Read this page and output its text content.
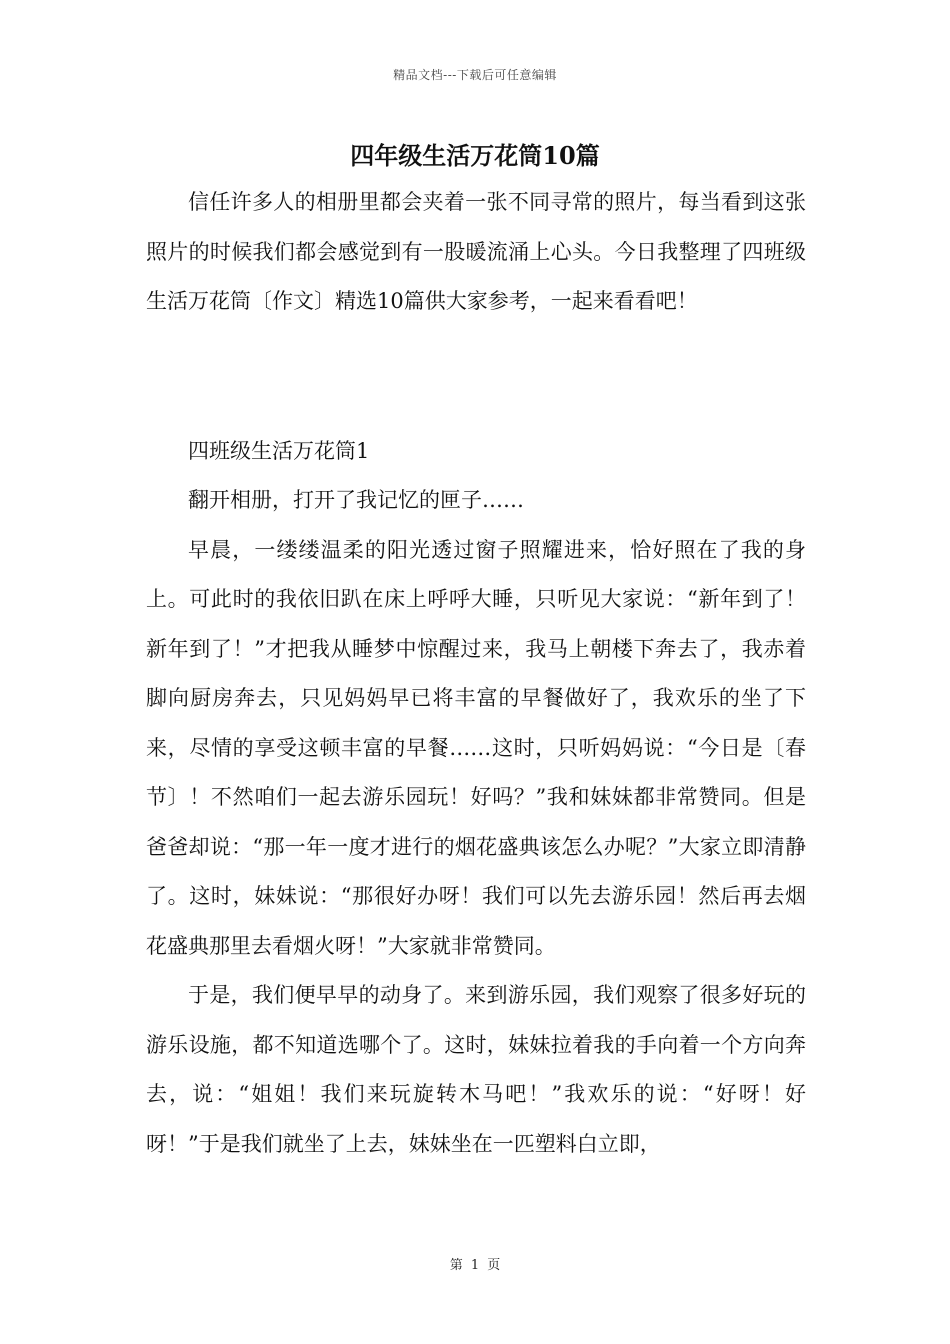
精品文档---下载后可任意编辑
四年级生活万花筒10篇

信任许多人的相册里都会夹着一张不同寻常的照片，每当看到这张照片的时候我们都会感觉到有一股暖流涌上心头。今日我整理了四班级生活万花筒〔作文〕精选10篇供大家参考，一起来看看吧！

四班级生活万花筒1

翻开相册，打开了我记忆的匣子……

早晨，一缕缕温柔的阳光透过窗子照耀进来，恰好照在了我的身上。可此时的我依旧趴在床上呼呼大睡，只听见大家说：“新年到了！新年到了！”才把我从睡梦中惊醒过来，我马上朝楼下奔去了，我赤着脚向厨房奔去，只见妈妈早已将丰富的早餐做好了，我欢乐的坐了下来，尽情的享受这顿丰富的早餐……这时，只听妈妈说：“今日是〔春节〕！不然咱们一起去游乐园玩！好吗？”我和妹妹都非常赞同。但是爸爸却说：“那一年一度才进行的烟花盛典该怎么办呢？”大家立即清静了。这时，妹妹说：“那很好办呀！我们可以先去游乐园！然后再去烟花盛典那里去看烟火呀！”大家就非常赞同。

于是，我们便早早的动身了。来到游乐园，我们观察了很多好玩的游乐设施，都不知道选哪个了。这时，妹妹拉着我的手向着一个方向奔去，说：“姐姐！我们来玩旋转木马吧！”我欢乐的说：“好呀！好呀！”于是我们就坐了上去，妹妹坐在一匹塑料白立即，

第 1 页
